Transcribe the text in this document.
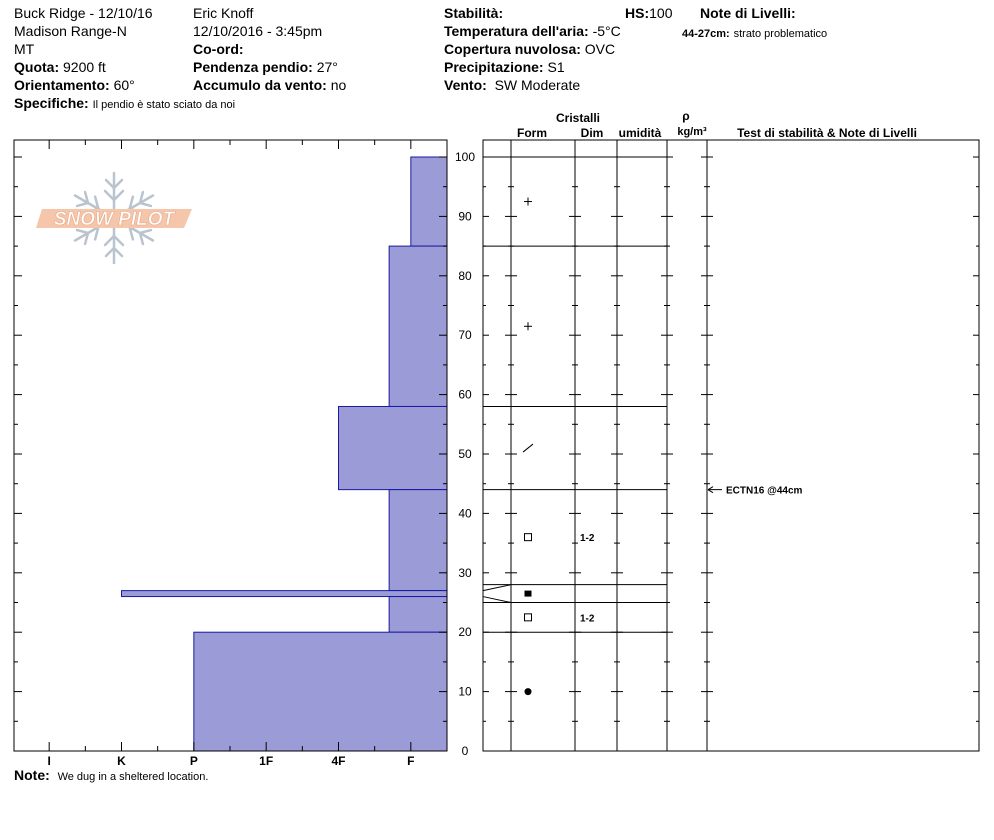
Buck Ridge - 12/10/16
Madison Range-N
MT
Quota: 9200 ft
Orientamento: 60°
Specifiche: Il pendio è stato sciato da noi
Eric Knoff
12/10/2016 - 3:45pm
Co-ord:
Pendenza pendio: 27°
Accumulo da vento: no
Stabilità:	HS:100
Temperatura dell'aria: -5°C
Copertura nuvolosa: OVC
Precipitazione: S1
Vento: SW Moderate
Note di Livelli:
44-27cm: strato problematico
SNOW PILOT
I	K	P	1F	4F	F
0
10
20
30
40
50
60
70
80
90
100
1-2
1-2
ECTN16 @44cm
Cristalli
Form	Dim umidità
ρ
kg/m³	Test di stabilità & Note di Livelli
Note: We dug in a sheltered location.
